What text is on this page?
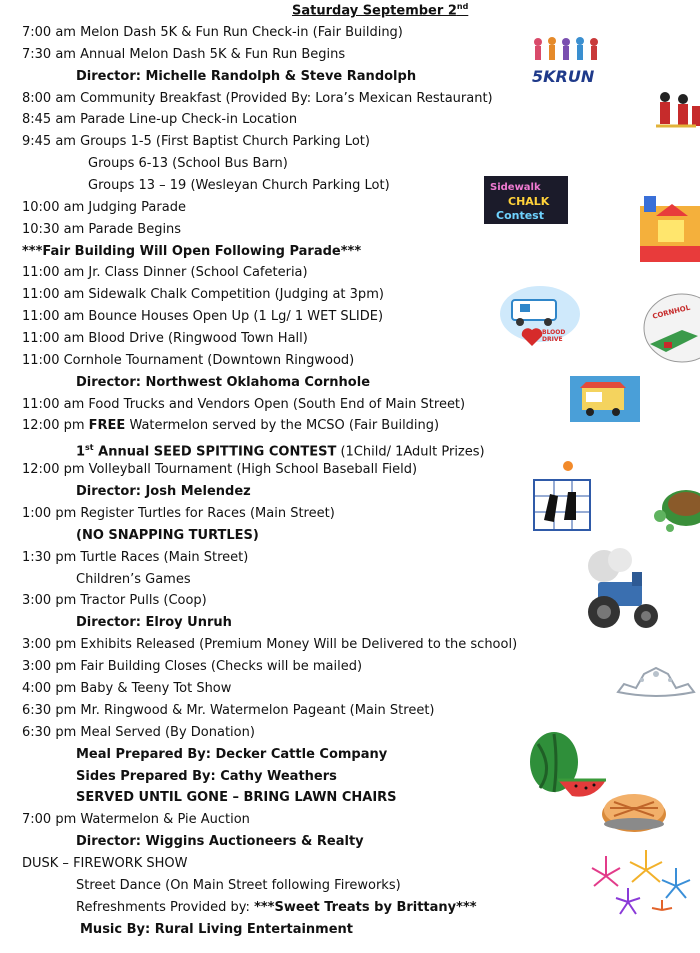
Saturday September 2nd
7:00 am Melon Dash 5K & Fun Run Check-in (Fair Building)
7:30 am Annual Melon Dash 5K & Fun Run Begins
Director: Michelle Randolph & Steve Randolph
8:00 am Community Breakfast (Provided By: Lora’s Mexican Restaurant)
8:45 am Parade Line-up Check-in Location
9:45 am Groups 1-5 (First Baptist Church Parking Lot)
Groups 6-13 (School Bus Barn)
Groups 13 – 19 (Wesleyan Church Parking Lot)
10:00 am Judging Parade
10:30 am Parade Begins
***Fair Building Will Open Following Parade***
11:00 am Jr. Class Dinner (School Cafeteria)
11:00 am Sidewalk Chalk Competition (Judging at 3pm)
11:00 am Bounce Houses Open Up (1 Lg/ 1 WET SLIDE)
11:00 am Blood Drive (Ringwood Town Hall)
11:00 Cornhole Tournament (Downtown Ringwood)
Director: Northwest Oklahoma Cornhole
11:00 am Food Trucks and Vendors Open (South End of Main Street)
12:00 pm FREE Watermelon served by the MCSO (Fair Building)
1st Annual SEED SPITTING CONTEST (1Child/ 1Adult Prizes)
12:00 pm Volleyball Tournament (High School Baseball Field)
Director: Josh Melendez
1:00 pm Register Turtles for Races (Main Street)
(NO SNAPPING TURTLES)
1:30 pm Turtle Races (Main Street)
Children’s Games
3:00 pm Tractor Pulls (Coop)
Director: Elroy Unruh
3:00 pm Exhibits Released (Premium Money Will be Delivered to the school)
3:00 pm Fair Building Closes (Checks will be mailed)
4:00 pm Baby & Teeny Tot Show
6:30 pm Mr. Ringwood & Mr. Watermelon Pageant (Main Street)
6:30 pm Meal Served (By Donation)
Meal Prepared By: Decker Cattle Company
Sides Prepared By: Cathy Weathers
SERVED UNTIL GONE – BRING LAWN CHAIRS
7:00 pm Watermelon & Pie Auction
Director: Wiggins Auctioneers & Realty
DUSK – FIREWORK SHOW
Street Dance (On Main Street following Fireworks)
Refreshments Provided by: ***Sweet Treats by Brittany***
Music By: Rural Living Entertainment
5KRUN
Sidewalk
CHALK
Contest
BLOOD
DRIVE
CORNHOL
